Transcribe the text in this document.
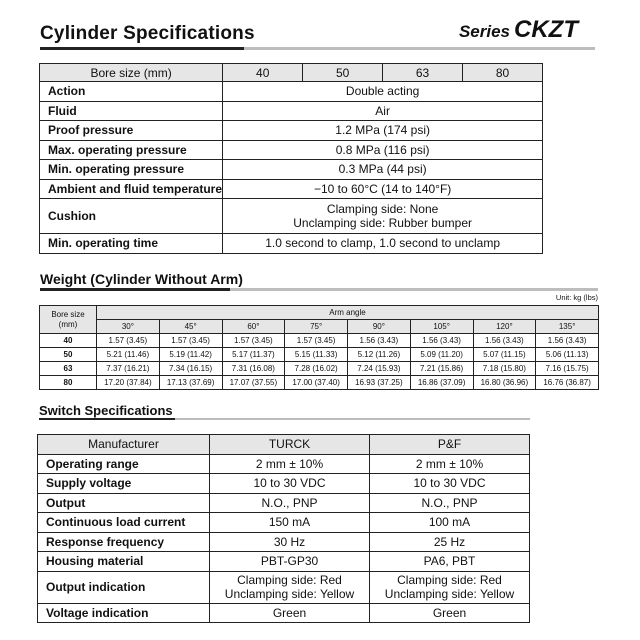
Cylinder Specifications	Series CKZT
Bore size (mm)	40	50	63	80
Action	Double acting			
Fluid	Air			
Proof pressure	1.2 MPa (174 psi)			
Max. operating pressure	0.8 MPa (116 psi)			
Min. operating pressure	0.3 MPa (44 psi)			
Ambient and fluid temperature	−10 to 60°C (14 to 140°F)			
Cushion	Clamping side: None
Unclamping side: Rubber bumper			
Min. operating time	1.0 second to clamp, 1.0 second to unclamp			
Weight (Cylinder Without Arm)
Unit: kg (lbs)
Bore size
(mm)	Arm angle							
	30°	45°	60°	75°	90°	105°	120°	135°
40	1.57 (3.45)	1.57 (3.45)	1.57 (3.45)	1.57 (3.45)	1.56 (3.43)	1.56 (3.43)	1.56 (3.43)	1.56 (3.43)
50	5.21 (11.46)	5.19 (11.42)	5.17 (11.37)	5.15 (11.33)	5.12 (11.26)	5.09 (11.20)	5.07 (11.15)	5.06 (11.13)
63	7.37 (16.21)	7.34 (16.15)	7.31 (16.08)	7.28 (16.02)	7.24 (15.93)	7.21 (15.86)	7.18 (15.80)	7.16 (15.75)
80	17.20 (37.84)	17.13 (37.69)	17.07 (37.55)	17.00 (37.40)	16.93 (37.25)	16.86 (37.09)	16.80 (36.96)	16.76 (36.87)
Switch Specifications
Manufacturer	TURCK	P&F
Operating range	2 mm ± 10%	2 mm ± 10%
Supply voltage	10 to 30 VDC	10 to 30 VDC
Output	N.O., PNP	N.O., PNP
Continuous load current	150 mA	100 mA
Response frequency	30 Hz	25 Hz
Housing material	PBT-GP30	PA6, PBT
Output indication	Clamping side: Red
Unclamping side: Yellow	Clamping side: Red
Unclamping side: Yellow
Voltage indication	Green	Green
